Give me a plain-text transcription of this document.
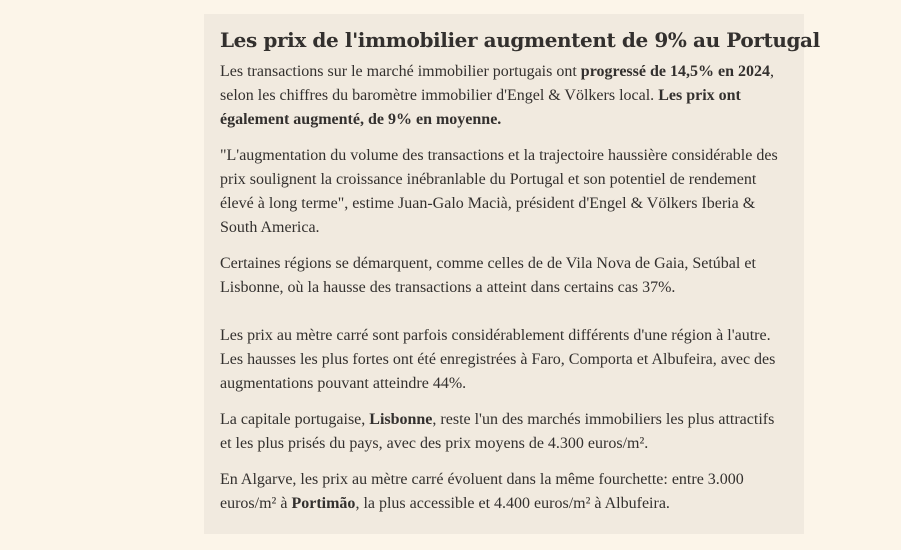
Les prix de l'immobilier augmentent de 9% au Portugal

Les transactions sur le marché immobilier portugais ont progressé de 14,5% en 2024, selon les chiffres du baromètre immobilier d'Engel & Völkers local. Les prix ont également augmenté, de 9% en moyenne.

"L'augmentation du volume des transactions et la trajectoire haussière considérable des prix soulignent la croissance inébranlable du Portugal et son potentiel de rendement élevé à long terme", estime Juan-Galo Macià, président d'Engel & Völkers Iberia & South America.

Certaines régions se démarquent, comme celles de de Vila Nova de Gaia, Setúbal et Lisbonne, où la hausse des transactions a atteint dans certains cas 37%.

Les prix au mètre carré sont parfois considérablement différents d'une région à l'autre. Les hausses les plus fortes ont été enregistrées à Faro, Comporta et Albufeira, avec des augmentations pouvant atteindre 44%.

La capitale portugaise, Lisbonne, reste l'un des marchés immobiliers les plus attractifs et les plus prisés du pays, avec des prix moyens de 4.300 euros/m².

En Algarve, les prix au mètre carré évoluent dans la même fourchette: entre 3.000 euros/m² à Portimão, la plus accessible et 4.400 euros/m² à Albufeira.
